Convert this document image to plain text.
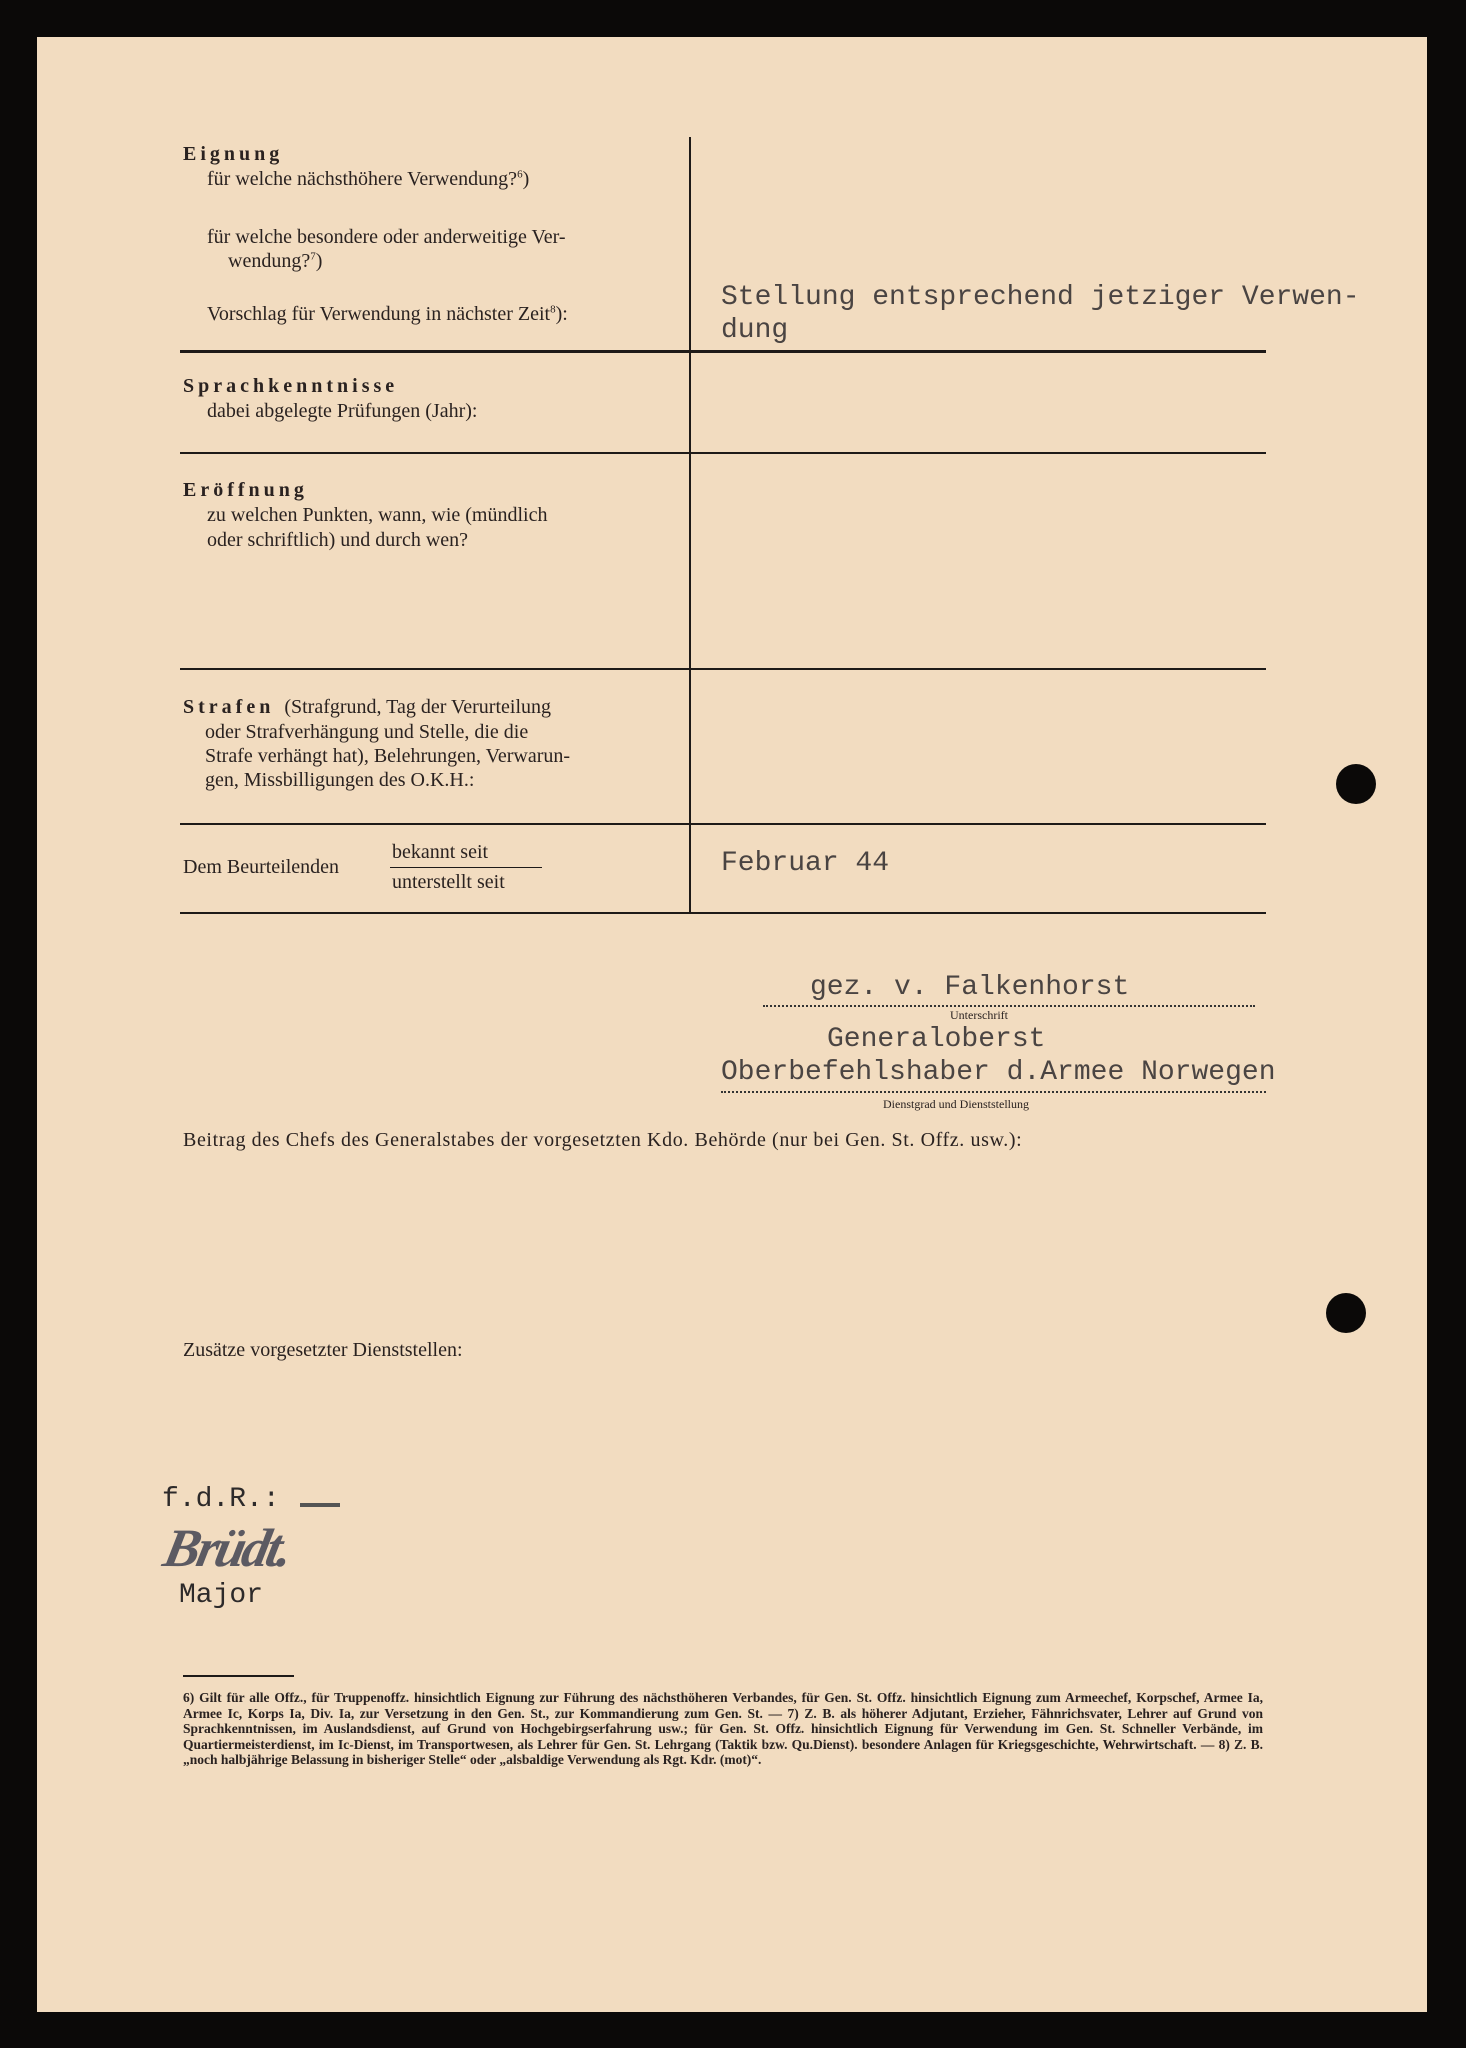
Eignung
für welche nächsthöhere Verwendung?$^6$)
für welche besondere oder anderweitige Ver-
wendung?$^7$)
Vorschlag für Verwendung in nächster Zeit$^8$):
Stellung entsprechend jetziger Verwen-
dung
Sprachkenntnisse
dabei abgelegte Prüfungen (Jahr):
Eröffnung
zu welchen Punkten, wann, wie (mündlich
oder schriftlich) und durch wen?
Strafen (Strafgrund, Tag der Verurteilung
oder Strafverhängung und Stelle, die die
Strafe verhängt hat), Belehrungen, Verwarun-
gen, Missbilligungen des O.K.H.:
Dem Beurteilenden
bekannt seit
unterstellt seit
Februar 44
gez. v. Falkenhorst
Unterschrift
Generaloberst
Oberbefehlshaber d.Armee Norwegen
Dienstgrad und Dienststellung
Beitrag des Chefs des Generalstabes der vorgesetzten Kdo. Behörde (nur bei Gen. St. Offz. usw.):
Zusätze vorgesetzter Dienststellen:
f.d.R.:
Brüdt.
Major
6) Gilt für alle Offz., für Truppenoffz. hinsichtlich Eignung zur Führung des nächsthöheren Verbandes, für Gen. St. Offz. hinsichtlich Eignung zum Armeechef, Korpschef, Armee Ia, Armee Ic, Korps Ia, Div. Ia, zur Versetzung in den Gen. St., zur Kommandierung zum Gen. St. — 7) Z. B. als höherer Adjutant, Erzieher, Fähnrichsvater, Lehrer auf Grund von Sprachkenntnissen, im Auslandsdienst, auf Grund von Hochgebirgserfahrung usw.; für Gen. St. Offz. hinsichtlich Eignung für Verwendung im Gen. St. Schneller Verbände, im Quartiermeisterdienst, im Ic-Dienst, im Transportwesen, als Lehrer für Gen. St. Lehrgang (Taktik bzw. Qu.Dienst). besondere Anlagen für Kriegsgeschichte, Wehrwirtschaft. — 8) Z. B. „noch halbjährige Belassung in bisheriger Stelle“ oder „alsbaldige Verwendung als Rgt. Kdr. (mot)“.
